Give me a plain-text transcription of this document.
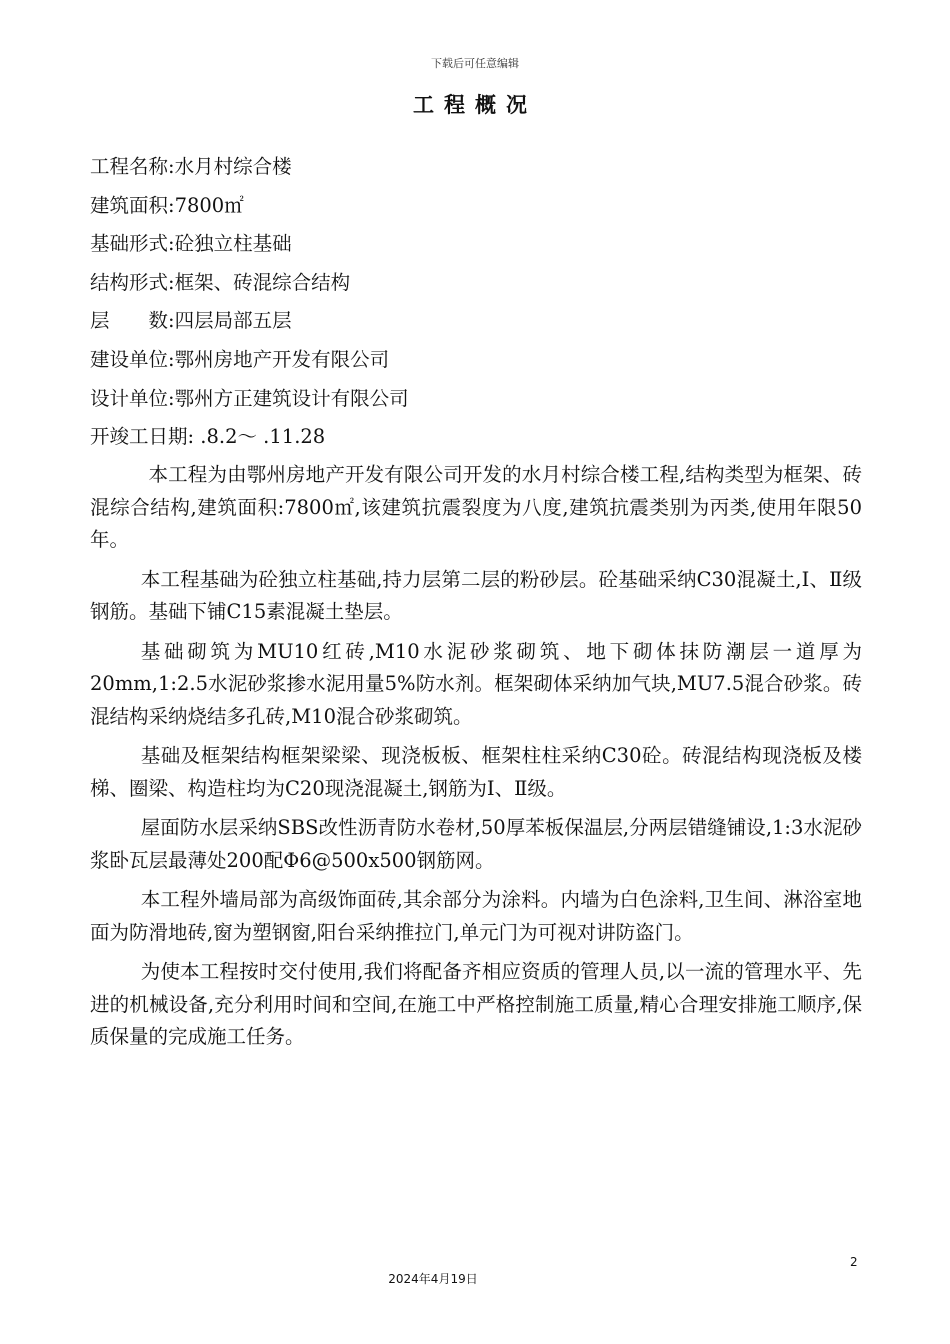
下载后可任意编辑
工程概况
工程名称:水月村综合楼
建筑面积:7800㎡
基础形式:砼独立柱基础
结构形式:框架、砖混综合结构
层　　数:四层局部五层
建设单位:鄂州房地产开发有限公司
设计单位:鄂州方正建筑设计有限公司
开竣工日期: .8.2～ .11.28

本工程为由鄂州房地产开发有限公司开发的水月村综合楼工程,结构类型为框架、砖混综合结构,建筑面积:7800㎡,该建筑抗震裂度为八度,建筑抗震类别为丙类,使用年限50年。

本工程基础为砼独立柱基础,持力层第二层的粉砂层。砼基础采纳C30混凝土,Ⅰ、Ⅱ级钢筋。基础下铺C15素混凝土垫层。

基础砌筑为MU10红砖,M10水泥砂浆砌筑、地下砌体抹防潮层一道厚为20mm,1:2.5水泥砂浆掺水泥用量5%防水剂。框架砌体采纳加气块,MU7.5混合砂浆。砖混结构采纳烧结多孔砖,M10混合砂浆砌筑。

基础及框架结构框架梁梁、现浇板板、框架柱柱采纳C30砼。砖混结构现浇板及楼梯、圈梁、构造柱均为C20现浇混凝土,钢筋为Ⅰ、Ⅱ级。

屋面防水层采纳SBS改性沥青防水卷材,50厚苯板保温层,分两层错缝铺设,1:3水泥砂浆卧瓦层最薄处200配Φ6@500x500钢筋网。

本工程外墙局部为高级饰面砖,其余部分为涂料。内墙为白色涂料,卫生间、淋浴室地面为防滑地砖,窗为塑钢窗,阳台采纳推拉门,单元门为可视对讲防盗门。

为使本工程按时交付使用,我们将配备齐相应资质的管理人员,以一流的管理水平、先进的机械设备,充分利用时间和空间,在施工中严格控制施工质量,精心合理安排施工顺序,保质保量的完成施工任务。

2
2024年4月19日
